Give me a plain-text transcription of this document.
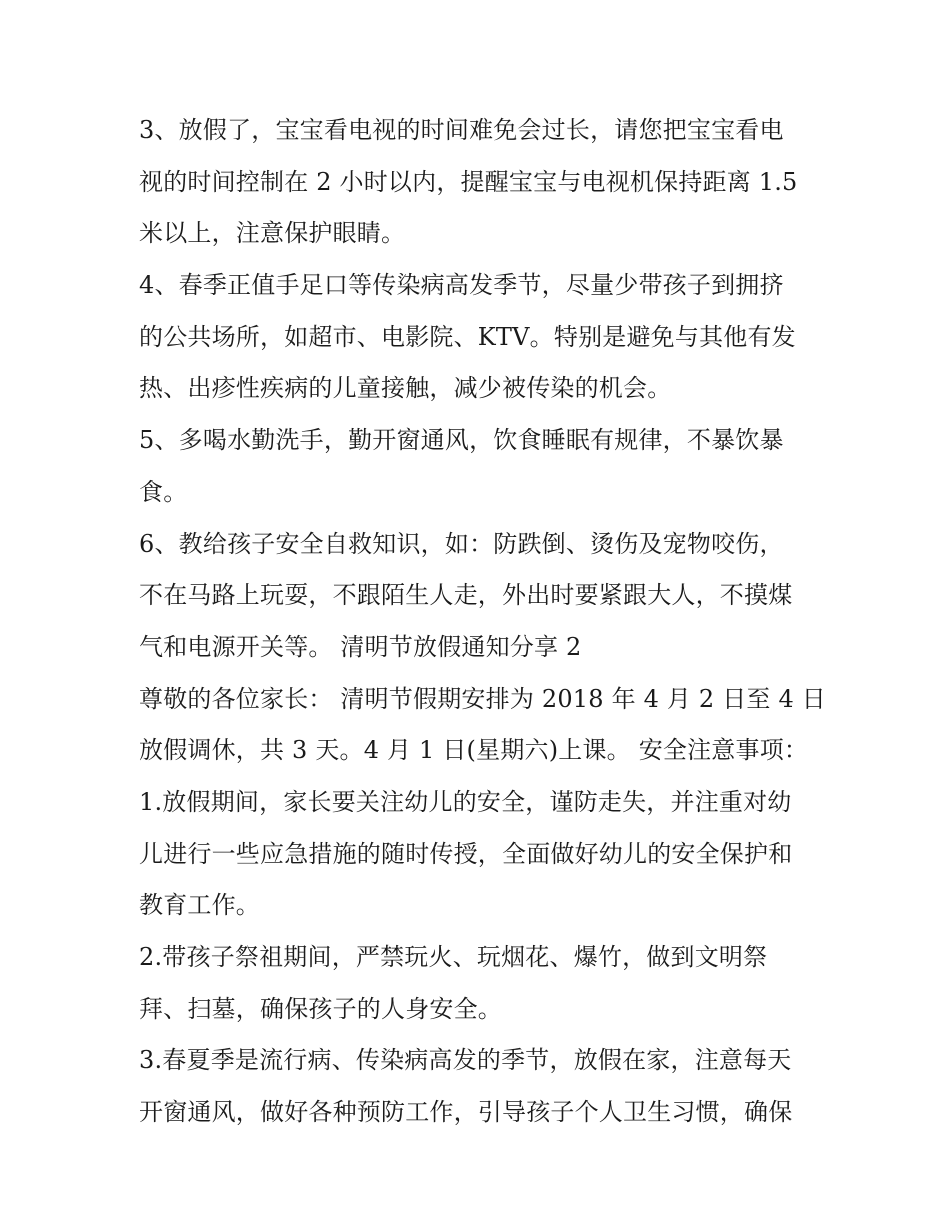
3、放假了，宝宝看电视的时间难免会过长，请您把宝宝看电
视的时间控制在 2 小时以内，提醒宝宝与电视机保持距离 1.5
米以上，注意保护眼睛。
4、春季正值手足口等传染病高发季节，尽量少带孩子到拥挤
的公共场所，如超市、电影院、KTV。特别是避免与其他有发
热、出疹性疾病的儿童接触，减少被传染的机会。
5、多喝水勤洗手，勤开窗通风，饮食睡眠有规律，不暴饮暴
食。
6、教给孩子安全自救知识，如：防跌倒、烫伤及宠物咬伤，
不在马路上玩耍，不跟陌生人走，外出时要紧跟大人，不摸煤
气和电源开关等。 清明节放假通知分享 2
尊敬的各位家长： 清明节假期安排为 2018 年 4 月 2 日至 4 日
放假调休，共 3 天。4 月 1 日(星期六)上课。 安全注意事项：
1.放假期间，家长要关注幼儿的安全，谨防走失，并注重对幼
儿进行一些应急措施的随时传授，全面做好幼儿的安全保护和
教育工作。
2.带孩子祭祖期间，严禁玩火、玩烟花、爆竹，做到文明祭
拜、扫墓，确保孩子的人身安全。
3.春夏季是流行病、传染病高发的季节，放假在家，注意每天
开窗通风，做好各种预防工作，引导孩子个人卫生习惯，确保
